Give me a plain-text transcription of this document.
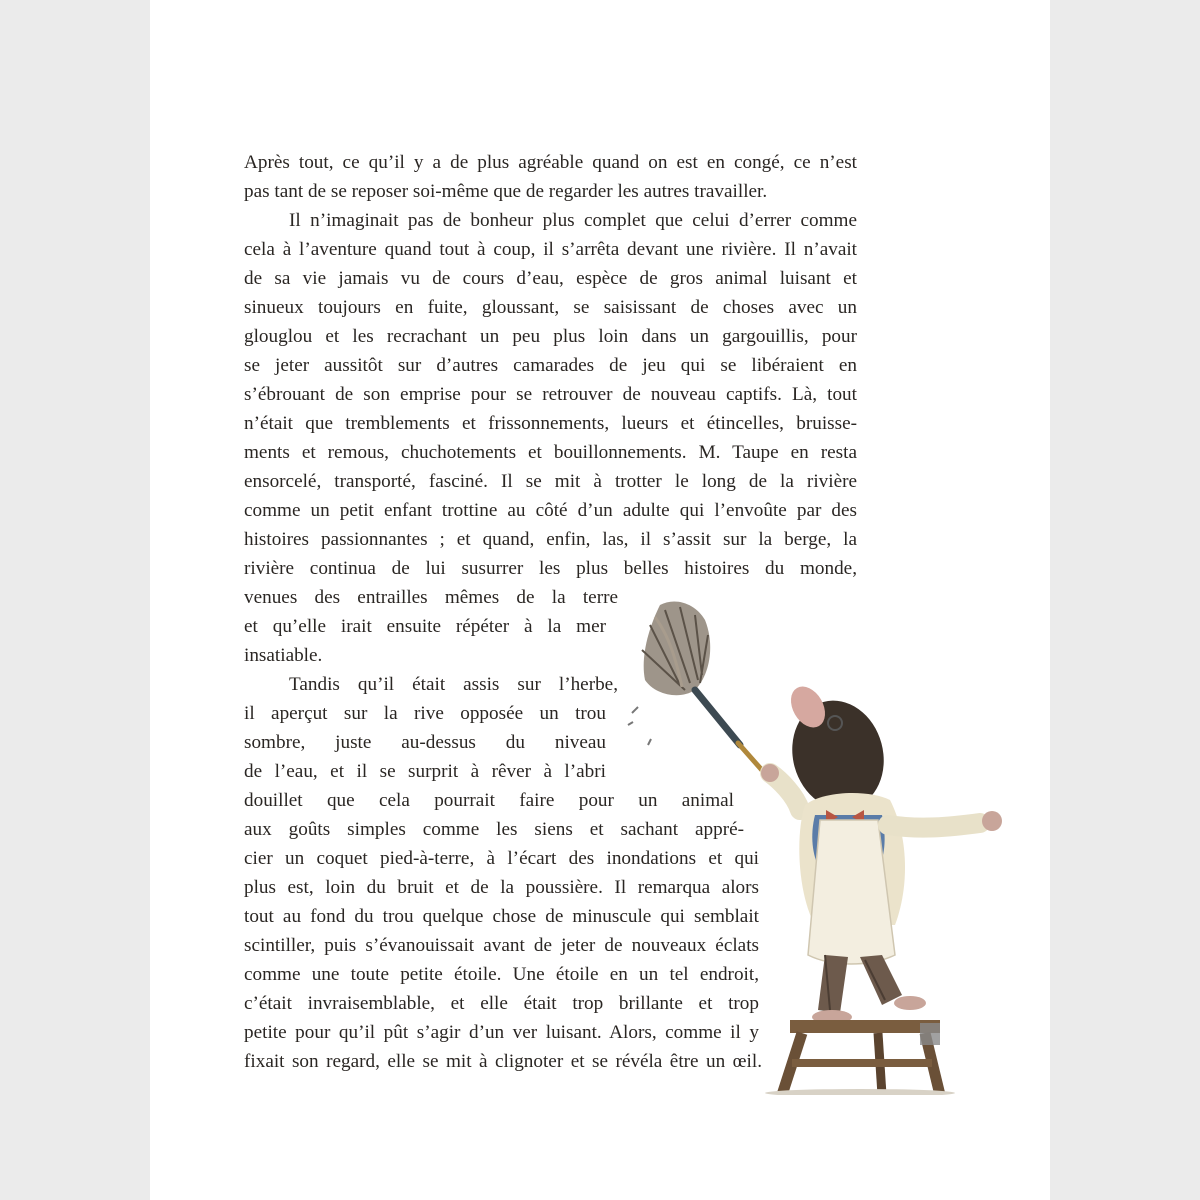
Après tout, ce qu’il y a de plus agréable quand on est en congé, ce n’est
pas tant de se reposer soi-même que de regarder les autres travailler.
Il n’imaginait pas de bonheur plus complet que celui d’errer comme
cela à l’aventure quand tout à coup, il s’arrêta devant une rivière. Il n’avait
de sa vie jamais vu de cours d’eau, espèce de gros animal luisant et
sinueux toujours en fuite, gloussant, se saisissant de choses avec un
glouglou et les recrachant un peu plus loin dans un gargouillis, pour
se jeter aussitôt sur d’autres camarades de jeu qui se libéraient en
s’ébrouant de son emprise pour se retrouver de nouveau captifs. Là, tout
n’était que tremblements et frissonnements, lueurs et étincelles, bruisse-
ments et remous, chuchotements et bouillonnements. M. Taupe en resta
ensorcelé, transporté, fasciné. Il se mit à trotter le long de la rivière
comme un petit enfant trottine au côté d’un adulte qui l’envoûte par des
histoires passionnantes ; et quand, enfin, las, il s’assit sur la berge, la
rivière continua de lui susurrer les plus belles histoires du monde,
venues des entrailles mêmes de la terre
et qu’elle irait ensuite répéter à la mer
insatiable.
Tandis qu’il était assis sur l’herbe,
il aperçut sur la rive opposée un trou
sombre, juste au-dessus du niveau
de l’eau, et il se surprit à rêver à l’abri
douillet que cela pourrait faire pour un animal
aux goûts simples comme les siens et sachant appré-
cier un coquet pied-à-terre, à l’écart des inondations et qui
plus est, loin du bruit et de la poussière. Il remarqua alors
tout au fond du trou quelque chose de minuscule qui semblait
scintiller, puis s’évanouissait avant de jeter de nouveaux éclats
comme une toute petite étoile. Une étoile en un tel endroit,
c’était invraisemblable, et elle était trop brillante et trop
petite pour qu’il pût s’agir d’un ver luisant. Alors, comme il y
fixait son regard, elle se mit à clignoter et se révéla être un œil.
